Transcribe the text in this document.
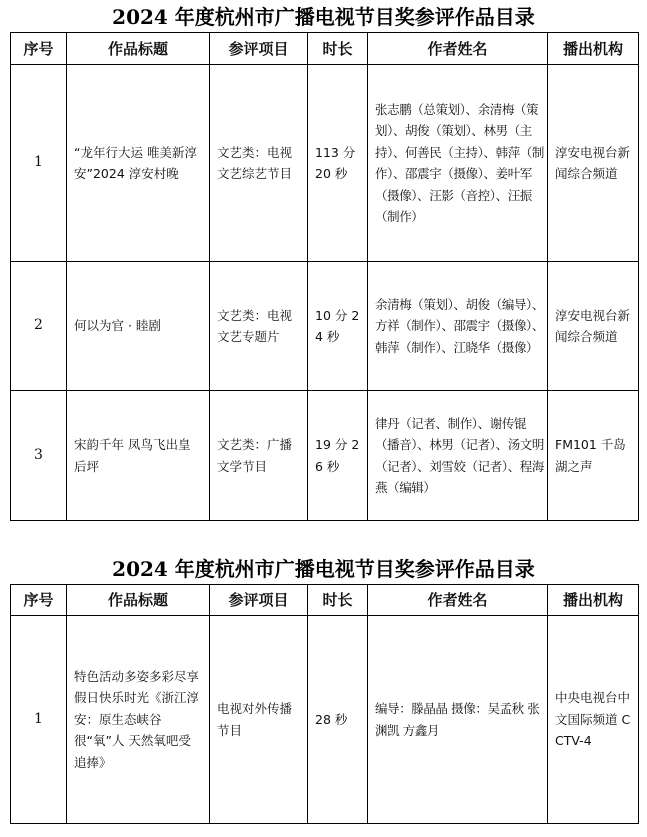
2024 年度杭州市广播电视节目奖参评作品目录
序号	作品标题	参评项目	时长	作者姓名	播出机构
1	“龙年行大运 唯美新淳安”2024 淳安村晚	文艺类：电视文艺综艺节目	113 分 20 秒	张志鹏（总策划）、余清梅（策划）、胡俊（策划）、林男（主持）、何善民（主持）、韩萍（制作）、邵震宇（摄像）、姜叶军（摄像）、汪影（音控）、汪振（制作）	淳安电视台新闻综合频道
2	何以为官 · 睦剧	文艺类：电视文艺专题片	10 分 24 秒	余清梅（策划）、胡俊（编导）、方祥（制作）、邵震宇（摄像）、韩萍（制作）、江晓华（摄像）	淳安电视台新闻综合频道
3	宋韵千年 凤鸟飞出皇后坪	文艺类：广播文学节目	19 分 26 秒	律丹（记者、制作）、谢传锟（播音）、林男（记者）、汤文明（记者）、刘雪姣（记者）、程海燕（编辑）	FM101 千岛湖之声
2024 年度杭州市广播电视节目奖参评作品目录
序号	作品标题	参评项目	时长	作者姓名	播出机构
1	特色活动多姿多彩尽享假日快乐时光《浙江淳安：原生态峡谷很“氧”人 天然氧吧受追捧》	电视对外传播节目	28 秒	编导：滕晶晶 摄像：吴孟秋 张渊凯 方鑫月	中央电视台中文国际频道 CCTV-4
